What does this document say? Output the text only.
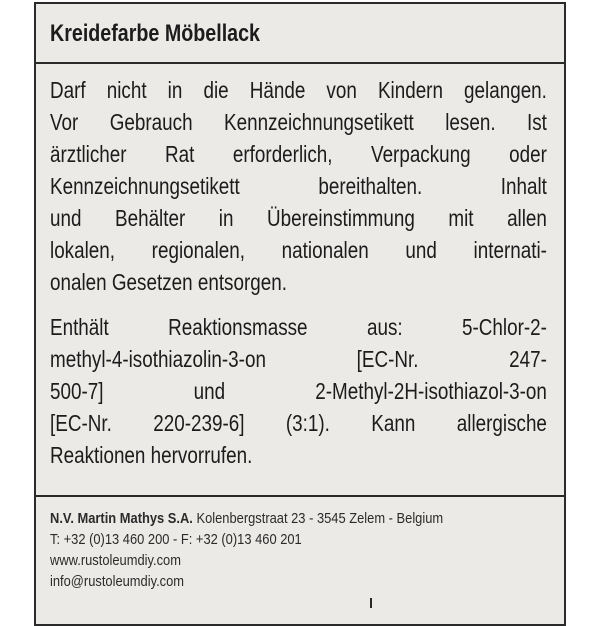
Kreidefarbe Möbellack
Darf nicht in die Hände von Kindern gelangen.
Vor Gebrauch Kennzeichnungsetikett lesen. Ist
ärztlicher Rat erforderlich, Verpackung oder
Kennzeichnungsetikett bereithalten. Inhalt
und Behälter in Übereinstimmung mit allen
lokalen, regionalen, nationalen und internati-
onalen Gesetzen entsorgen.
Enthält Reaktionsmasse aus: 5-Chlor-2-
methyl-4-isothiazolin-3-on [EC-Nr. 247-
500-7] und 2-Methyl-2H-isothiazol-3-on
[EC-Nr. 220-239-6] (3:1). Kann allergische
Reaktionen hervorrufen.
N.V. Martin Mathys S.A. Kolenbergstraat 23 - 3545 Zelem - Belgium
T: +32 (0)13 460 200 - F: +32 (0)13 460 201
www.rustoleumdiy.com
info@rustoleumdiy.com
